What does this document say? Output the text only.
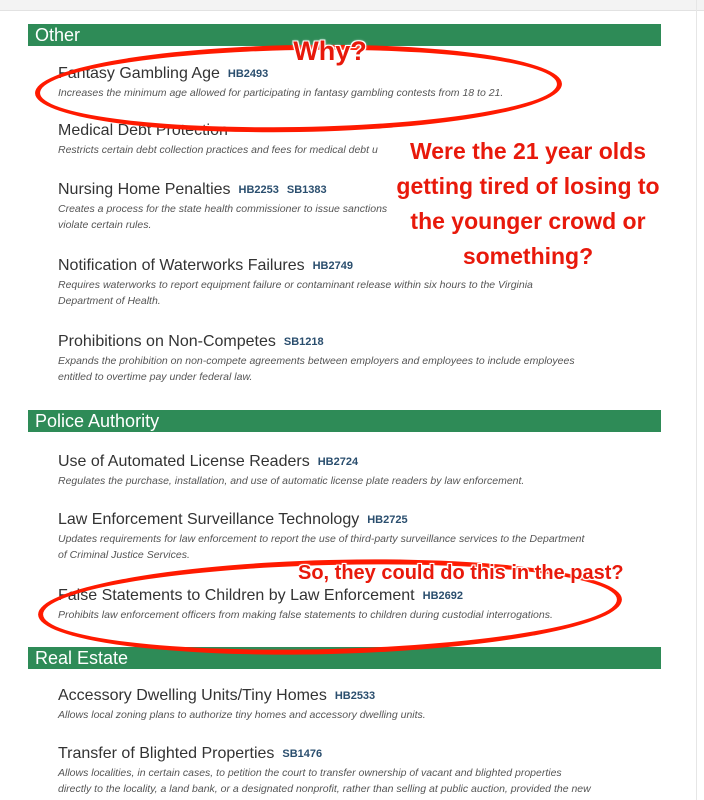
Other
Fantasy Gambling Age HB2493
Increases the minimum age allowed for participating in fantasy gambling contests from 18 to 21.
Medical Debt Protection
Restricts certain debt collection practices and fees for medical debt u
Nursing Home Penalties HB2253 SB1383
Creates a process for the state health commissioner to issue sanctions
violate certain rules.
Notification of Waterworks Failures HB2749
Requires waterworks to report equipment failure or contaminant release within six hours to the Virginia
Department of Health.
Prohibitions on Non-Competes SB1218
Expands the prohibition on non-compete agreements between employers and employees to include employees
entitled to overtime pay under federal law.
Police Authority
Use of Automated License Readers HB2724
Regulates the purchase, installation, and use of automatic license plate readers by law enforcement.
Law Enforcement Surveillance Technology HB2725
Updates requirements for law enforcement to report the use of third-party surveillance services to the Department
of Criminal Justice Services.
False Statements to Children by Law Enforcement HB2692
Prohibits law enforcement officers from making false statements to children during custodial interrogations.
Real Estate
Accessory Dwelling Units/Tiny Homes HB2533
Allows local zoning plans to authorize tiny homes and accessory dwelling units.
Transfer of Blighted Properties SB1476
Allows localities, in certain cases, to petition the court to transfer ownership of vacant and blighted properties
directly to the locality, a land bank, or a designated nonprofit, rather than selling at public auction, provided the new
Why?
Were the 21 year olds
getting tired of losing to
the younger crowd or
something?
So, they could do this in the past?
